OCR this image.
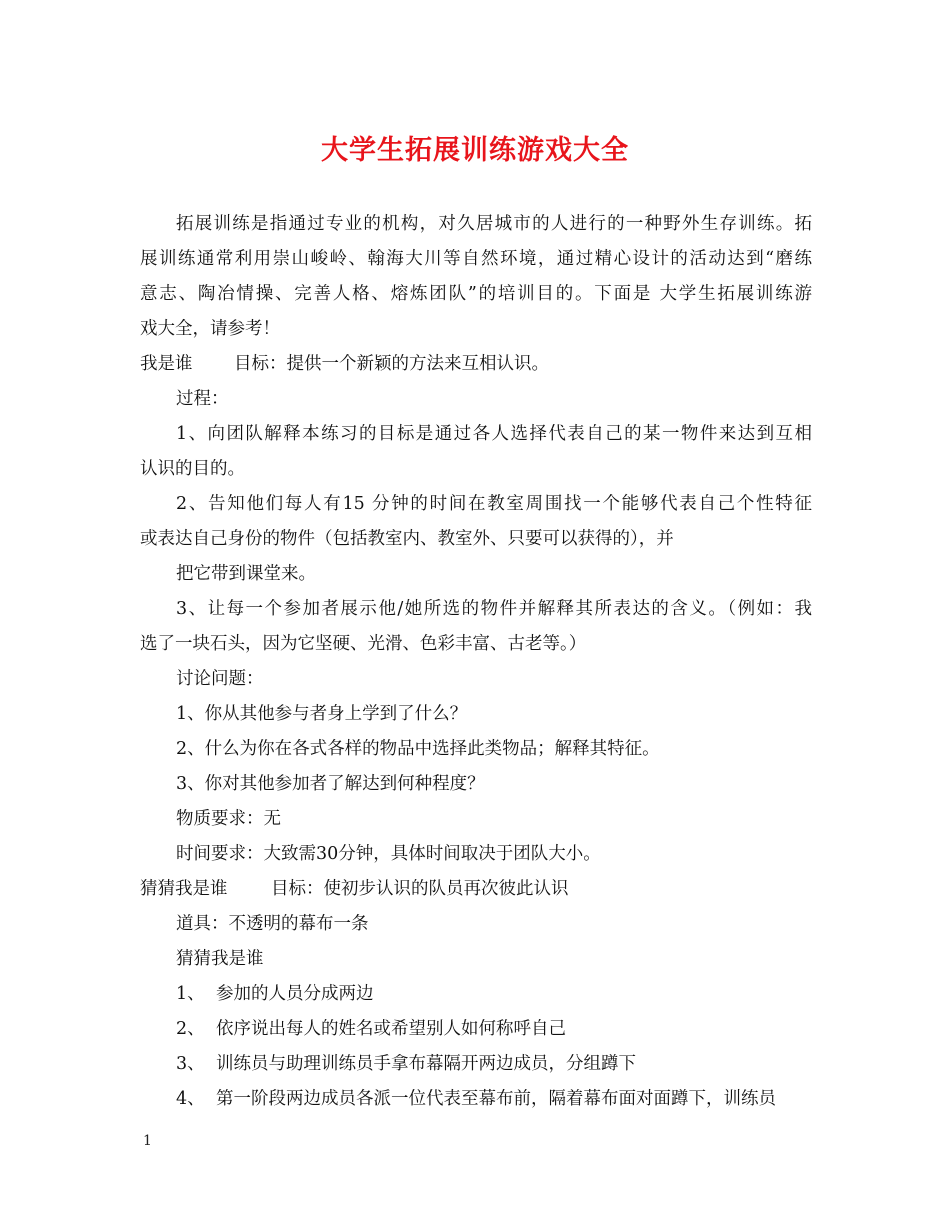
大学生拓展训练游戏大全
拓展训练是指通过专业的机构，对久居城市的人进行的一种野外生存训练。拓
展训练通常利用崇山峻岭、翰海大川等自然环境，通过精心设计的活动达到“磨练
意志、陶冶情操、完善人格、熔炼团队”的培训目的。下面是 大学生拓展训练游
戏大全，请参考！
我是谁 目标：提供一个新颖的方法来互相认识。
过程：
1、向团队解释本练习的目标是通过各人选择代表自己的某一物件来达到互相
认识的目的。
2、告知他们每人有15 分钟的时间在教室周围找一个能够代表自己个性特征
或表达自己身份的物件（包括教室内、教室外、只要可以获得的），并
把它带到课堂来。
3、让每一个参加者展示他/她所选的物件并解释其所表达的含义。（例如：我
选了一块石头，因为它坚硬、光滑、色彩丰富、古老等。）
讨论问题：
1、你从其他参与者身上学到了什么？
2、什么为你在各式各样的物品中选择此类物品；解释其特征。
3、你对其他参加者了解达到何种程度？
物质要求：无
时间要求：大致需30分钟，具体时间取决于团队大小。
猜猜我是谁 目标：使初步认识的队员再次彼此认识
道具：不透明的幕布一条
猜猜我是谁
1、 参加的人员分成两边
2、 依序说出每人的姓名或希望别人如何称呼自己
3、 训练员与助理训练员手拿布幕隔开两边成员，分组蹲下
4、 第一阶段两边成员各派一位代表至幕布前，隔着幕布面对面蹲下，训练员
1
